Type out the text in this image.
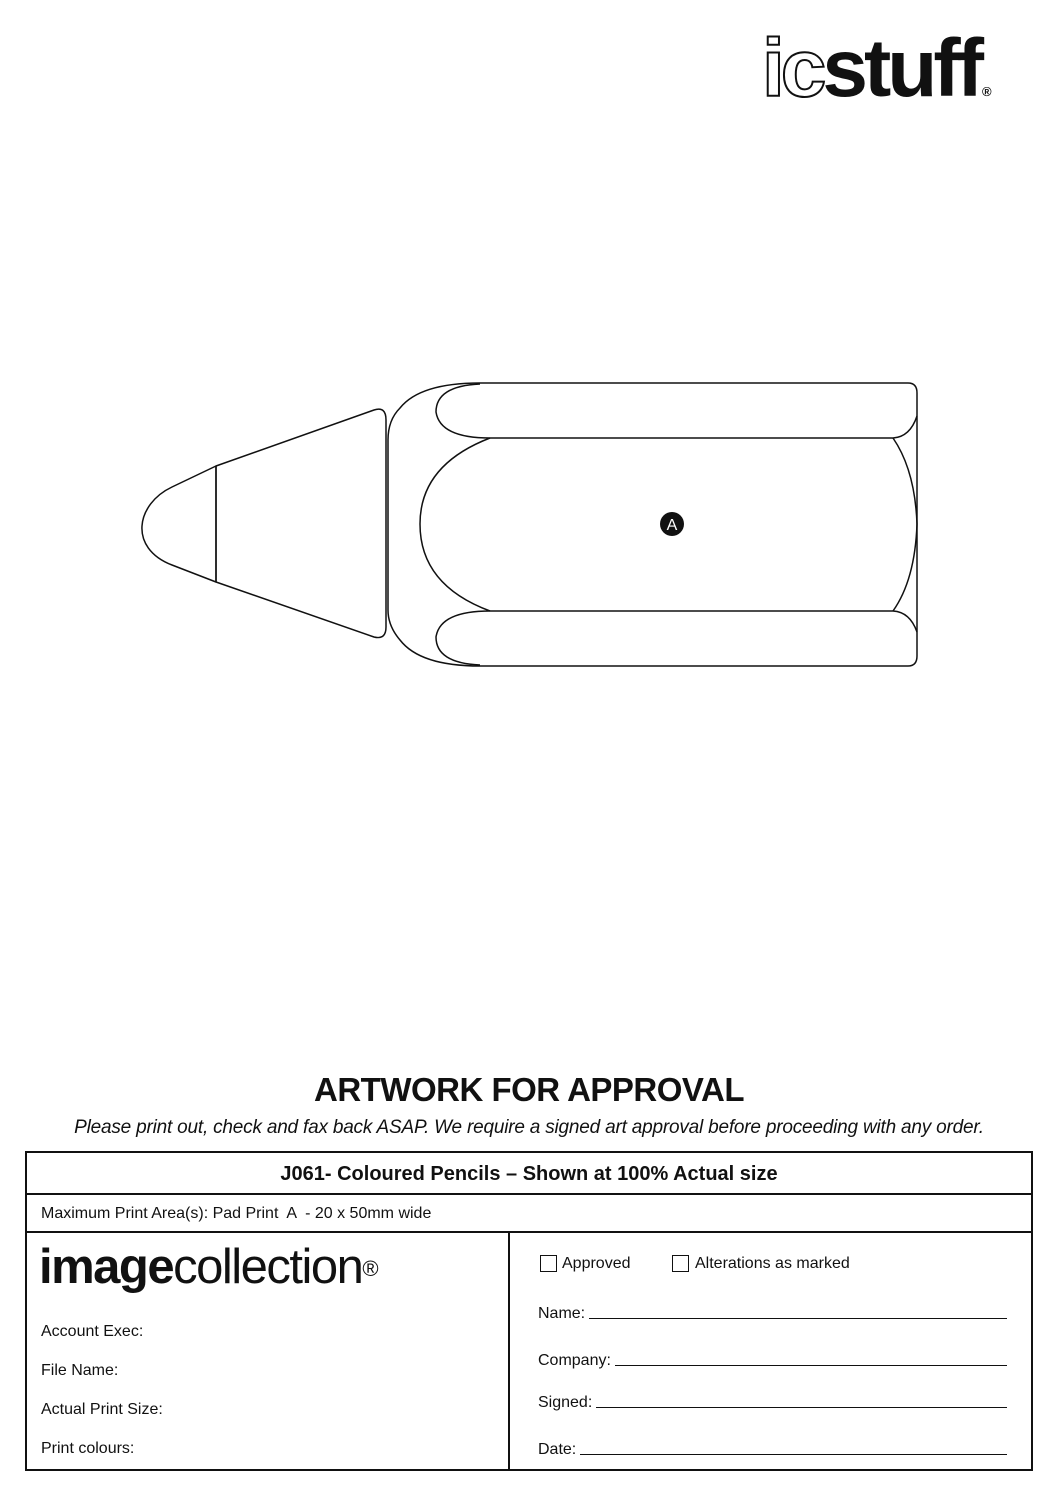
icstuff ®
A
ARTWORK FOR APPROVAL
Please print out, check and fax back ASAP. We require a signed art approval before proceeding with any order.
J061- Coloured Pencils – Shown at 100% Actual size
Maximum Print Area(s): Pad Print  A  - 20 x 50mm wide
imagecollection®
Account Exec:
File Name:
Actual Print Size:
Print colours:
Approved	Alterations as marked
Name:
Company:
Signed:
Date:
